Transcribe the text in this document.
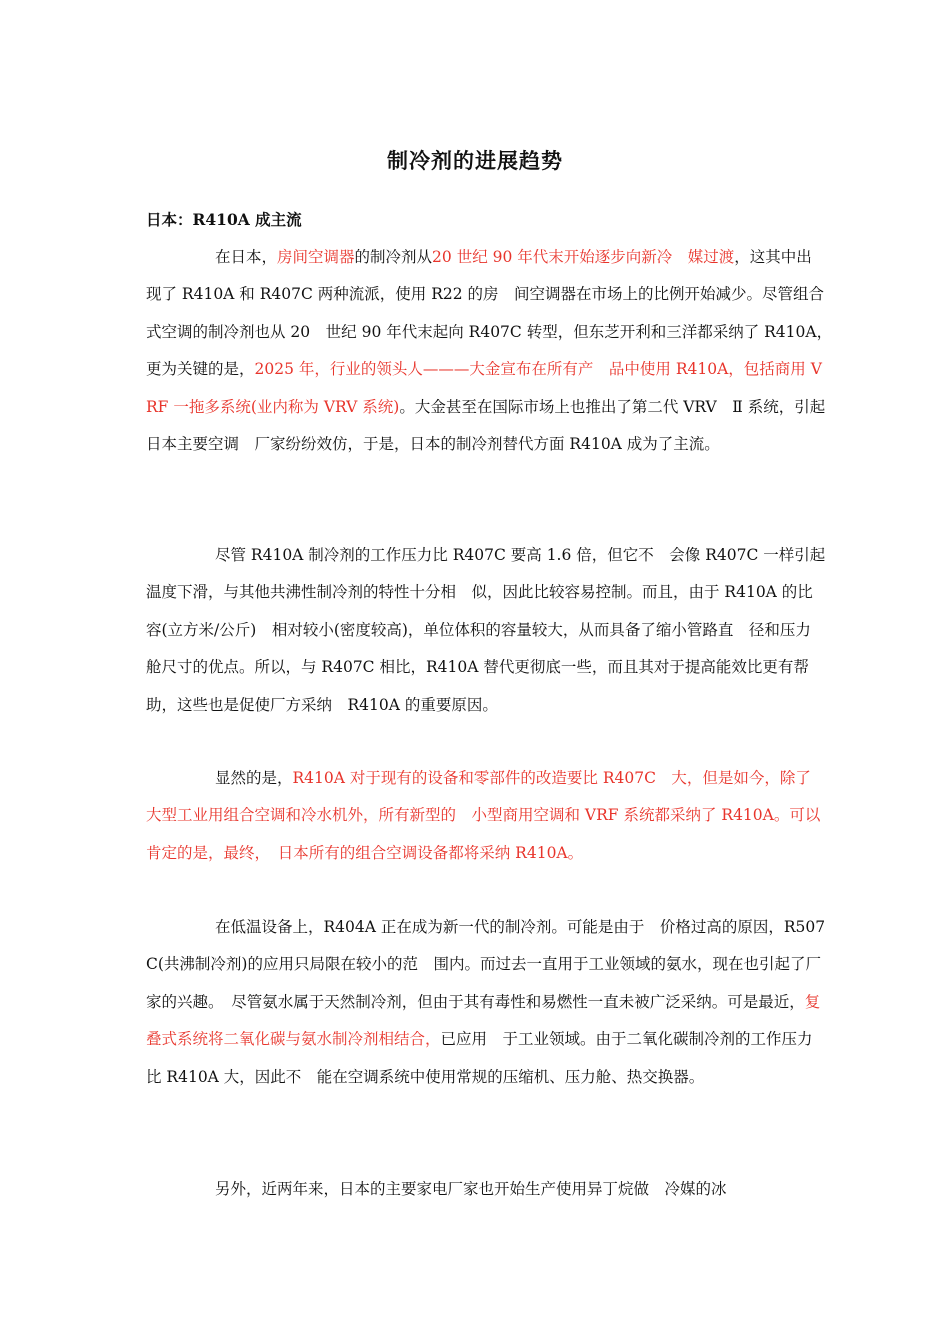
制冷剂的进展趋势
日本：R410A 成主流
在日本，房间空调器的制冷剂从20 世纪 90 年代末开始逐步向新冷　媒过渡，这其中出现了 R410A 和 R407C 两种流派，使用 R22 的房　间空调器在市场上的比例开始减少。尽管组合式空调的制冷剂也从 20　世纪 90 年代末起向 R407C 转型，但东芝开利和三洋都采纳了 R410A，　 更为关键的是，2025 年，行业的领头人———大金宣布在所有产　品中使用 R410A，包括商用 VRF 一拖多系统(业内称为 VRV 系统)。大金甚至在国际市场上也推出了第二代 VRV　Ⅱ 系统，引起日本主要空调　厂家纷纷效仿，于是，日本的制冷剂替代方面 R410A 成为了主流。
尽管 R410A 制冷剂的工作压力比 R407C 要高 1.6 倍，但它不　会像 R407C 一样引起温度下滑，与其他共沸性制冷剂的特性十分相　似，因此比较容易控制。而且，由于 R410A 的比容(立方米/公斤)　相对较小(密度较高)，单位体积的容量较大，从而具备了缩小管路直　径和压力舱尺寸的优点。所以，与 R407C 相比，R410A 替代更彻底一些，而且其对于提高能效比更有帮助，这些也是促使厂方采纳　R410A 的重要原因。
显然的是，R410A 对于现有的设备和零部件的改造要比 R407C　大，但是如今，除了大型工业用组合空调和冷水机外，所有新型的　小型商用空调和 VRF 系统都采纳了 R410A。可以肯定的是，最终，　日本所有的组合空调设备都将采纳 R410A。
在低温设备上，R404A 正在成为新一代的制冷剂。可能是由于　价格过高的原因，R507C(共沸制冷剂)的应用只局限在较小的范　围内。而过去一直用于工业领域的氨水，现在也引起了厂家的兴趣。　尽管氨水属于天然制冷剂，但由于其有毒性和易燃性一直未被广泛采纳。可是最近，复叠式系统将二氧化碳与氨水制冷剂相结合，已应用　于工业领域。由于二氧化碳制冷剂的工作压力比 R410A 大，因此不　能在空调系统中使用常规的压缩机、压力舱、热交换器。
另外，近两年来，日本的主要家电厂家也开始生产使用异丁烷做　冷媒的冰
